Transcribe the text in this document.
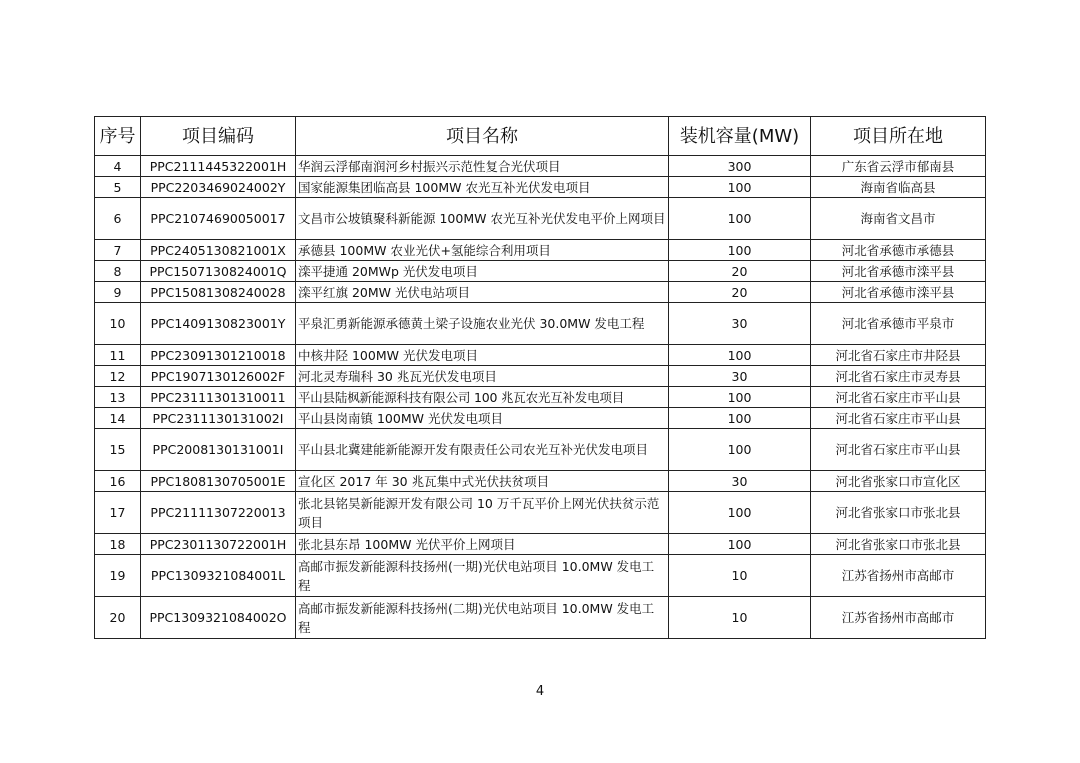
序号	项目编码	项目名称	装机容量(MW)	项目所在地
4	PPC2111445322001H	华润云浮郁南润河乡村振兴示范性复合光伏项目	300	广东省云浮市郁南县
5	PPC2203469024002Y	国家能源集团临高县 100MW 农光互补光伏发电项目	100	海南省临高县
6	PPC21074690050017	文昌市公坡镇聚科新能源 100MW 农光互补光伏发电平价上网项目	100	海南省文昌市
7	PPC2405130821001X	承德县 100MW 农业光伏+氢能综合利用项目	100	河北省承德市承德县
8	PPC1507130824001Q	滦平捷通 20MWp 光伏发电项目	20	河北省承德市滦平县
9	PPC15081308240028	滦平红旗 20MW 光伏电站项目	20	河北省承德市滦平县
10	PPC1409130823001Y	平泉汇勇新能源承德黄土梁子设施农业光伏 30.0MW 发电工程	30	河北省承德市平泉市
11	PPC23091301210018	中核井陉 100MW 光伏发电项目	100	河北省石家庄市井陉县
12	PPC1907130126002F	河北灵寿瑞科 30 兆瓦光伏发电项目	30	河北省石家庄市灵寿县
13	PPC23111301310011	平山县陆枫新能源科技有限公司 100 兆瓦农光互补发电项目	100	河北省石家庄市平山县
14	PPC2311130131002I	平山县岗南镇 100MW 光伏发电项目	100	河北省石家庄市平山县
15	PPC2008130131001I	平山县北冀建能新能源开发有限责任公司农光互补光伏发电项目	100	河北省石家庄市平山县
16	PPC1808130705001E	宣化区 2017 年 30 兆瓦集中式光伏扶贫项目	30	河北省张家口市宣化区
17	PPC21111307220013	张北县铭昊新能源开发有限公司 10 万千瓦平价上网光伏扶贫示范项目	100	河北省张家口市张北县
18	PPC2301130722001H	张北县东昂 100MW 光伏平价上网项目	100	河北省张家口市张北县
19	PPC1309321084001L	高邮市振发新能源科技扬州(一期)光伏电站项目 10.0MW 发电工程	10	江苏省扬州市高邮市
20	PPC1309321084002O	高邮市振发新能源科技扬州(二期)光伏电站项目 10.0MW 发电工程	10	江苏省扬州市高邮市
4
